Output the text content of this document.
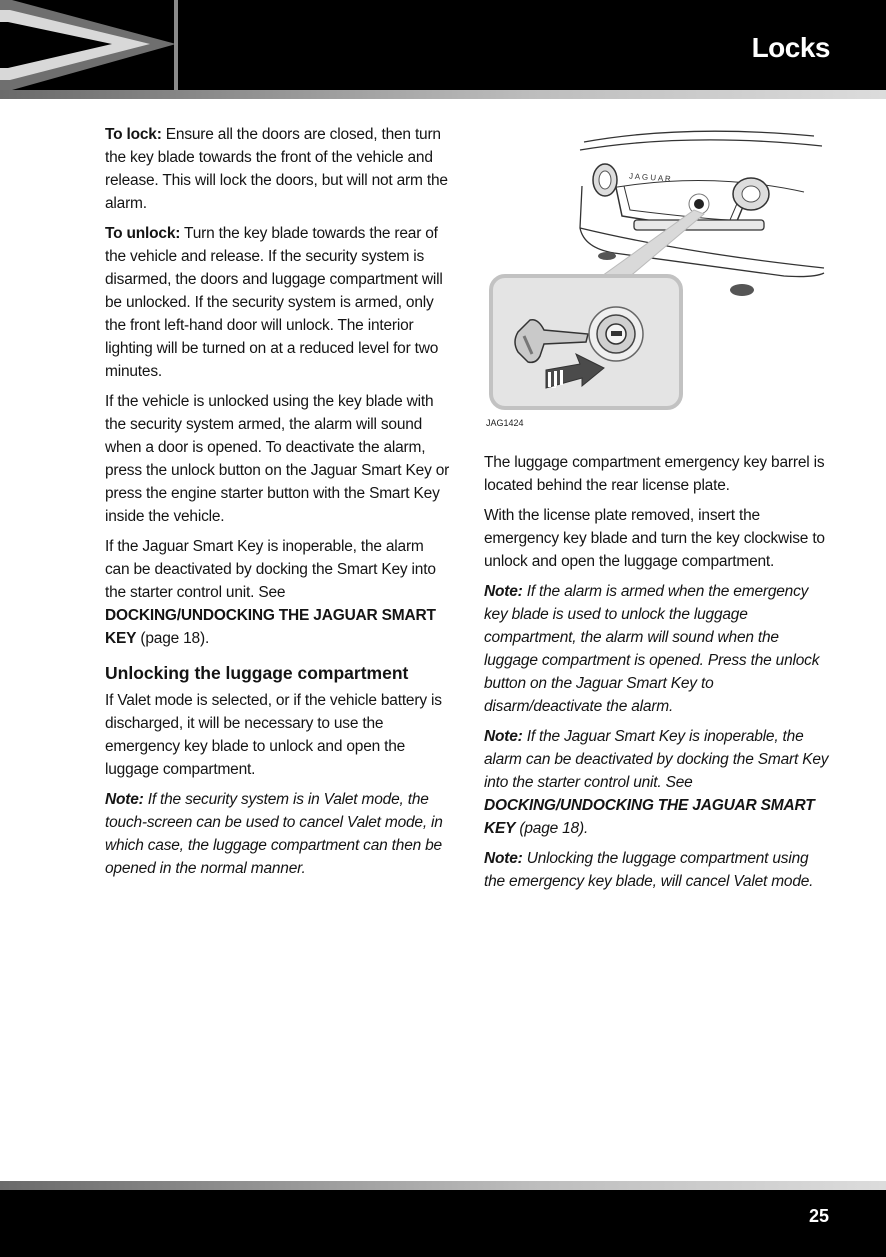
Locks

To lock: Ensure all the doors are closed, then turn the key blade towards the front of the vehicle and release. This will lock the doors, but will not arm the alarm.

To unlock: Turn the key blade towards the rear of the vehicle and release. If the security system is disarmed, the doors and luggage compartment will be unlocked. If the security system is armed, only the front left-hand door will unlock. The interior lighting will be turned on at a reduced level for two minutes.

If the vehicle is unlocked using the key blade with the security system armed, the alarm will sound when a door is opened. To deactivate the alarm, press the unlock button on the Jaguar Smart Key or press the engine starter button with the Smart Key inside the vehicle.

If the Jaguar Smart Key is inoperable, the alarm can be deactivated by docking the Smart Key into the starter control unit. See DOCKING/UNDOCKING THE JAGUAR SMART KEY (page 18).

Unlocking the luggage compartment

If Valet mode is selected, or if the vehicle battery is discharged, it will be necessary to use the emergency key blade to unlock and open the luggage compartment.

Note: If the security system is in Valet mode, the touch-screen can be used to cancel Valet mode, in which case, the luggage compartment can then be opened in the normal manner.

J A G U A R
JAG1424

The luggage compartment emergency key barrel is located behind the rear license plate.

With the license plate removed, insert the emergency key blade and turn the key clockwise to unlock and open the luggage compartment.

Note: If the alarm is armed when the emergency key blade is used to unlock the luggage compartment, the alarm will sound when the luggage compartment is opened. Press the unlock button on the Jaguar Smart Key to disarm/deactivate the alarm.

Note: If the Jaguar Smart Key is inoperable, the alarm can be deactivated by docking the Smart Key into the starter control unit. See DOCKING/UNDOCKING THE JAGUAR SMART KEY (page 18).

Note: Unlocking the luggage compartment using the emergency key blade, will cancel Valet mode.

25
